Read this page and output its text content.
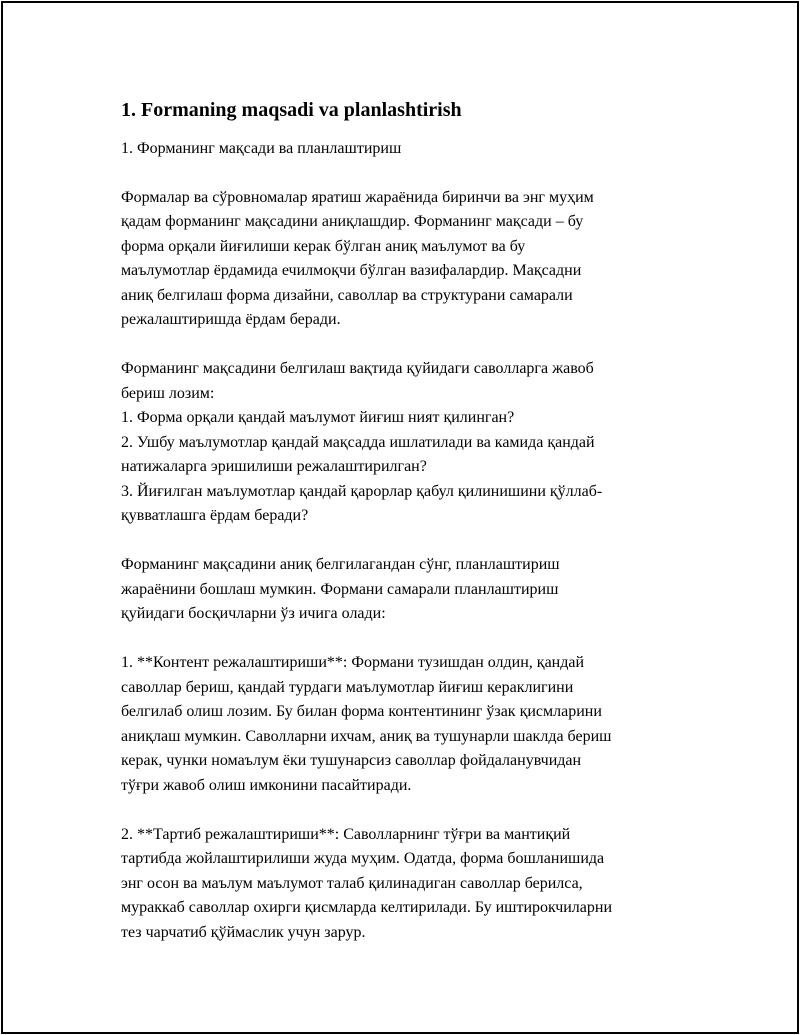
1. Formaning maqsadi va planlashtirish
1. Форманинг мақсади ва планлаштириш
Формалар ва сўровномалар яратиш жараёнида биринчи ва энг муҳим
қадам форманинг мақсадини аниқлашдир. Форманинг мақсади – бу
форма орқали йиғилиши керак бўлган аниқ маълумот ва бу
маълумотлар ёрдамида ечилмоқчи бўлган вазифалардир. Мақсадни
аниқ белгилаш форма дизайни, саволлар ва структурани самарали
режалаштиришда ёрдам беради.
Форманинг мақсадини белгилаш вақтида қуйидаги саволларга жавоб
бериш лозим:
1. Форма орқали қандай маълумот йиғиш ният қилинган?
2. Ушбу маълумотлар қандай мақсадда ишлатилади ва камида қандай
натижаларга эришилиши режалаштирилган?
3. Йиғилган маълумотлар қандай қарорлар қабул қилинишини қўллаб-
қувватлашга ёрдам беради?
Форманинг мақсадини аниқ белгилагандан сўнг, планлаштириш
жараёнини бошлаш мумкин. Формани самарали планлаштириш
қуйидаги босқичларни ўз ичига олади:
1. **Контент режалаштириши**: Формани тузишдан олдин, қандай
саволлар бериш, қандай турдаги маълумотлар йиғиш кераклигини
белгилаб олиш лозим. Бу билан форма контентининг ўзак қисмларини
аниқлаш мумкин. Саволларни ихчам, аниқ ва тушунарли шаклда бериш
керак, чунки номаълум ёки тушунарсиз саволлар фойдаланувчидан
тўғри жавоб олиш имконини пасайтиради.
2. **Тартиб режалаштириши**: Саволларнинг тўғри ва мантиқий
тартибда жойлаштирилиши жуда муҳим. Одатда, форма бошланишида
энг осон ва маълум маълумот талаб қилинадиган саволлар берилса,
мураккаб саволлар охирги қисмларда келтирилади. Бу иштирокчиларни
тез чарчатиб қўймаслик учун зарур.
